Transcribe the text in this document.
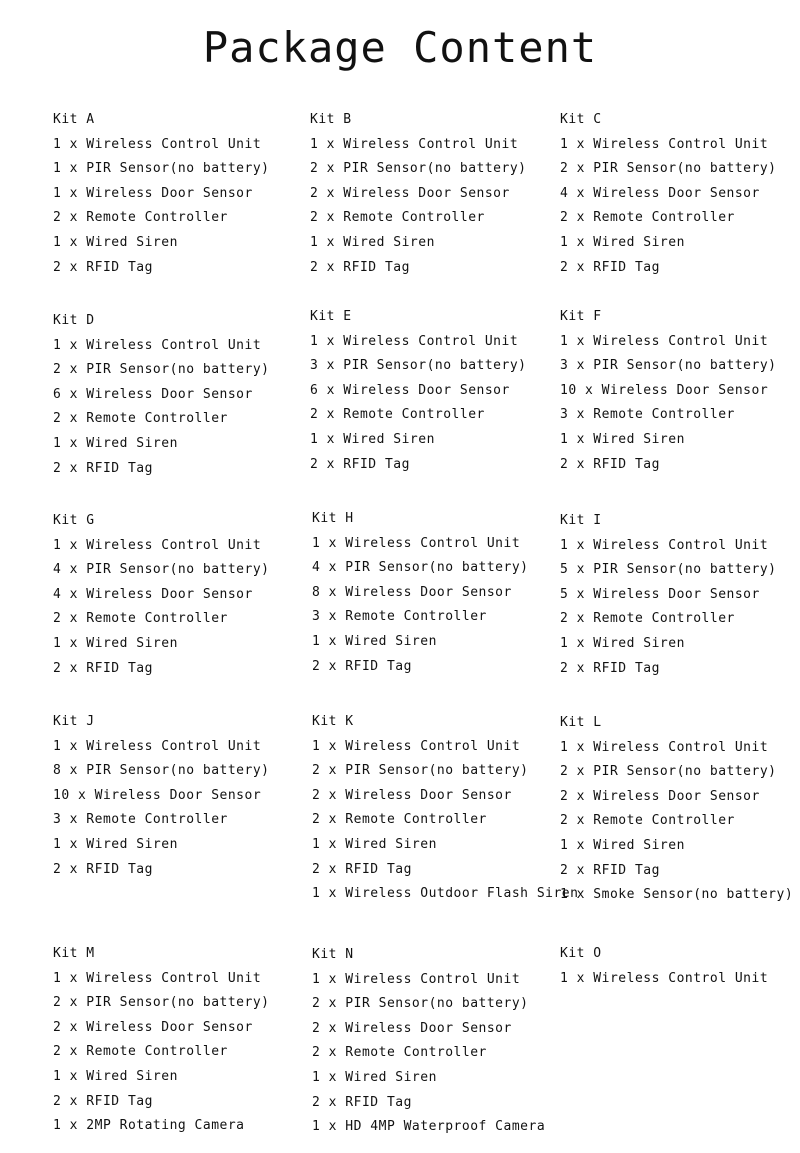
Package Content
Kit A
1 x Wireless Control Unit
1 x PIR Sensor(no battery)
1 x Wireless Door Sensor
2 x Remote Controller
1 x Wired Siren
2 x RFID Tag
Kit B
1 x Wireless Control Unit
2 x PIR Sensor(no battery)
2 x Wireless Door Sensor
2 x Remote Controller
1 x Wired Siren
2 x RFID Tag
Kit C
1 x Wireless Control Unit
2 x PIR Sensor(no battery)
4 x Wireless Door Sensor
2 x Remote Controller
1 x Wired Siren
2 x RFID Tag
Kit D
1 x Wireless Control Unit
2 x PIR Sensor(no battery)
6 x Wireless Door Sensor
2 x Remote Controller
1 x Wired Siren
2 x RFID Tag
Kit E
1 x Wireless Control Unit
3 x PIR Sensor(no battery)
6 x Wireless Door Sensor
2 x Remote Controller
1 x Wired Siren
2 x RFID Tag
Kit F
1 x Wireless Control Unit
3 x PIR Sensor(no battery)
10 x Wireless Door Sensor
3 x Remote Controller
1 x Wired Siren
2 x RFID Tag
Kit G
1 x Wireless Control Unit
4 x PIR Sensor(no battery)
4 x Wireless Door Sensor
2 x Remote Controller
1 x Wired Siren
2 x RFID Tag
Kit H
1 x Wireless Control Unit
4 x PIR Sensor(no battery)
8 x Wireless Door Sensor
3 x Remote Controller
1 x Wired Siren
2 x RFID Tag
Kit I
1 x Wireless Control Unit
5 x PIR Sensor(no battery)
5 x Wireless Door Sensor
2 x Remote Controller
1 x Wired Siren
2 x RFID Tag
Kit J
1 x Wireless Control Unit
8 x PIR Sensor(no battery)
10 x Wireless Door Sensor
3 x Remote Controller
1 x Wired Siren
2 x RFID Tag
Kit K
1 x Wireless Control Unit
2 x PIR Sensor(no battery)
2 x Wireless Door Sensor
2 x Remote Controller
1 x Wired Siren
2 x RFID Tag
1 x Wireless Outdoor Flash Siren
Kit L
1 x Wireless Control Unit
2 x PIR Sensor(no battery)
2 x Wireless Door Sensor
2 x Remote Controller
1 x Wired Siren
2 x RFID Tag
1 x Smoke Sensor(no battery)
Kit M
1 x Wireless Control Unit
2 x PIR Sensor(no battery)
2 x Wireless Door Sensor
2 x Remote Controller
1 x Wired Siren
2 x RFID Tag
1 x 2MP Rotating Camera
Kit N
1 x Wireless Control Unit
2 x PIR Sensor(no battery)
2 x Wireless Door Sensor
2 x Remote Controller
1 x Wired Siren
2 x RFID Tag
1 x HD 4MP Waterproof Camera
Kit O
1 x Wireless Control Unit
